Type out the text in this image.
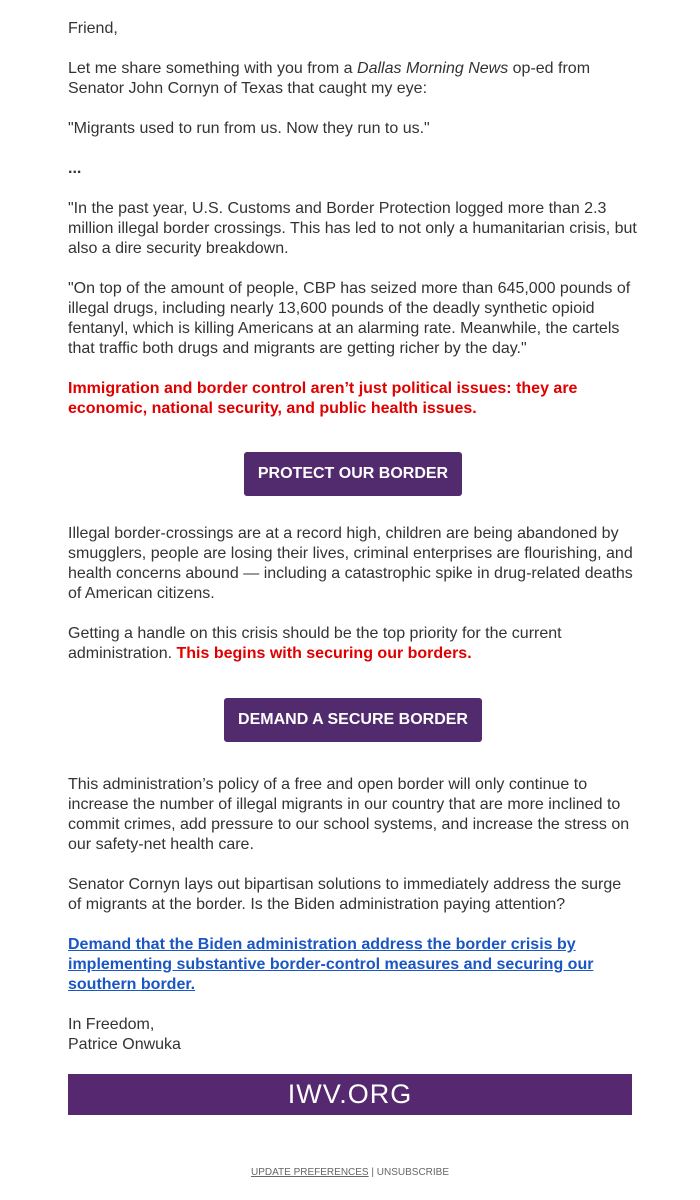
Friend,

Let me share something with you from a Dallas Morning News op-ed from Senator John Cornyn of Texas that caught my eye:

"Migrants used to run from us. Now they run to us."

...

"In the past year, U.S. Customs and Border Protection logged more than 2.3 million illegal border crossings. This has led to not only a humanitarian crisis, but also a dire security breakdown.

"On top of the amount of people, CBP has seized more than 645,000 pounds of illegal drugs, including nearly 13,600 pounds of the deadly synthetic opioid fentanyl, which is killing Americans at an alarming rate. Meanwhile, the cartels that traffic both drugs and migrants are getting richer by the day."

Immigration and border control aren’t just political issues: they are economic, national security, and public health issues.

PROTECT OUR BORDER

Illegal border-crossings are at a record high, children are being abandoned by smugglers, people are losing their lives, criminal enterprises are flourishing, and health concerns abound — including a catastrophic spike in drug-related deaths of American citizens.

Getting a handle on this crisis should be the top priority for the current administration. This begins with securing our borders.

DEMAND A SECURE BORDER

This administration’s policy of a free and open border will only continue to increase the number of illegal migrants in our country that are more inclined to commit crimes, add pressure to our school systems, and increase the stress on our safety-net health care.

Senator Cornyn lays out bipartisan solutions to immediately address the surge of migrants at the border. Is the Biden administration paying attention?

Demand that the Biden administration address the border crisis by implementing substantive border-control measures and securing our southern border.

In Freedom,

Patrice Onwuka

IWV.ORG
UPDATE PREFERENCES | UNSUBSCRIBE
